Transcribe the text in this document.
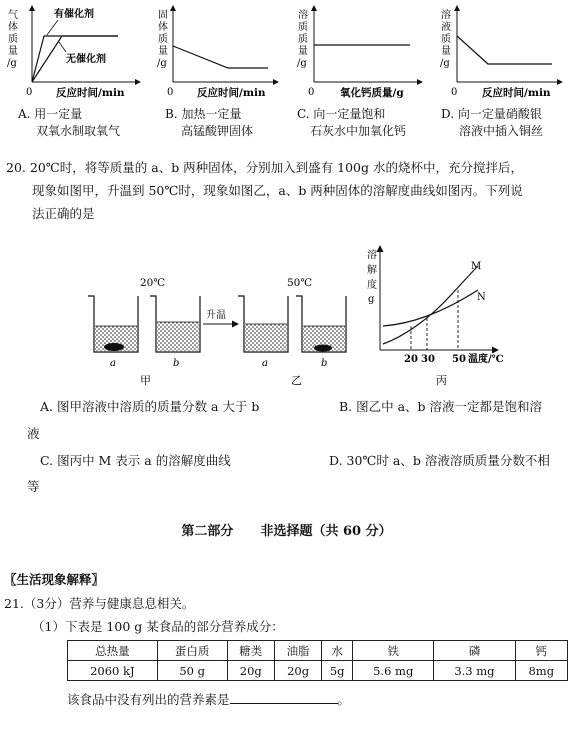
气
体
质
量
/g
0 反应时间/min
有催化剂
无催化剂
固
体
质
量
/g
0 反应时间/min
溶
质
质
量
/g
0 氧化钙质量/g
溶
液
质
量
/g
0 反应时间/min
A. 用一定量
双氧水制取氧气
B. 加热一定量
高锰酸钾固体
C. 向一定量饱和
石灰水中加氧化钙
D. 向一定量硝酸银
溶液中插入铜丝
20. 20℃时，将等质量的 a、b 两种固体，分别加入到盛有 100g 水的烧杯中，充分搅拌后，
现象如图甲，升温到 50℃时，现象如图乙，a、b 两种固体的溶解度曲线如图丙。下列说
法正确的是
20℃	50℃
升温
a	b	a	b
甲	乙
溶
解
度
g
M
N
20 30 50 温度/℃
丙
A. 图甲溶液中溶质的质量分数 a 大于 b	B. 图乙中 a、b 溶液一定都是饱和溶
液
C. 图丙中 M 表示 a 的溶解度曲线	D. 30℃时 a、b 溶液溶质质量分数不相
等
第二部分 非选择题（共 60 分）
〖生活现象解释〗
21.（3分）营养与健康息息相关。
（1）下表是 100 g 某食品的部分营养成分：
总热量	蛋白质	糖类	油脂	水	铁	磷	钙
2060 kJ	50 g	20g	20g	5g	5.6 mg	3.3 mg	8mg
该食品中没有列出的营养素是	。
